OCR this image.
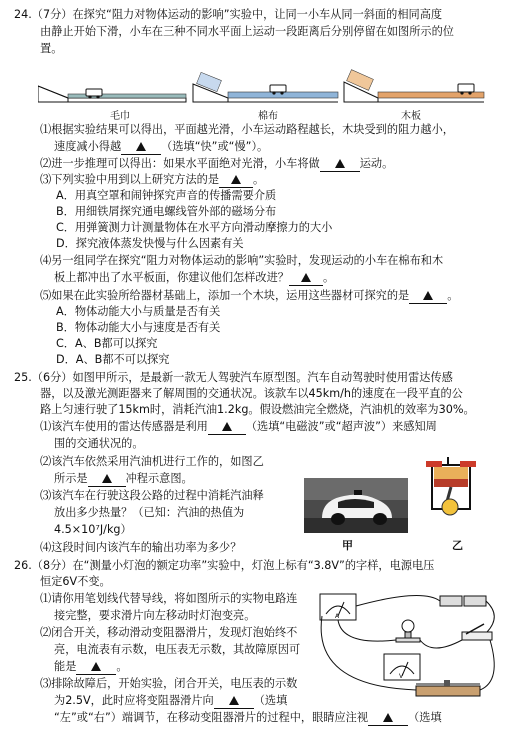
24.（7分）在探究“阻力对物体运动的影响”实验中，让同一小车从同一斜面的相同高度
由静止开始下滑，小车在三种不同水平面上运动一段距离后分别停留在如图所示的位
置。
毛巾	棉布	木板
⑴根据实验结果可以得出，平面越光滑，小车运动路程越长，木块受到的阻力越小，
速度减小得越	（选填“快”或“慢”）。
⑵进一步推理可以得出：如果水平面绝对光滑，小车将做	运动。
⑶下列实验中用到以上研究方法的是	。
A．用真空罩和闹钟探究声音的传播需要介质
B．用细铁屑探究通电螺线管外部的磁场分布
C．用弹簧测力计测量物体在水平方向滑动摩擦力的大小
D．探究液体蒸发快慢与什么因素有关
⑷另一组同学在探究“阻力对物体运动的影响”实验时，发现运动的小车在棉布和木
板上都冲出了水平板面，你建议他们怎样改进？	。
⑸如果在此实验所给器材基础上，添加一个木块，运用这些器材可探究的是	。
A．物体动能大小与质量是否有关
B．物体动能大小与速度是否有关
C．A、B都可以探究
D．A、B都不可以探究
25.（6分）如图甲所示，是最新一款无人驾驶汽车原型图。汽车自动驾驶时使用雷达传感
器，以及激光测距器来了解周围的交通状况。该款车以45km/h的速度在一段平直的公
路上匀速行驶了15km时，消耗汽油1.2kg。假设燃油完全燃烧，汽油机的效率为30%。
⑴该汽车使用的雷达传感器是利用	（选填“电磁波”或“超声波”）来感知周
围的交通状况的。
⑵该汽车依然采用汽油机进行工作的，如图乙
所示是	冲程示意图。
⑶该汽车在行驶这段公路的过程中消耗汽油释
放出多少热量？（已知：汽油的热值为
4.5×10⁷J/kg）
⑷这段时间内该汽车的输出功率为多少？	甲	乙
26.（8分）在“测量小灯泡的额定功率”实验中，灯泡上标有“3.8V”的字样，电源电压
恒定6V不变。
⑴请你用笔划线代替导线，将如图所示的实物电路连
接完整，要求滑片向左移动时灯泡变亮。
⑵闭合开关，移动滑动变阻器滑片，发现灯泡始终不
亮，电流表有示数，电压表无示数，其故障原因可
能是	。
⑶排除故障后，开始实验，闭合开关，电压表的示数
为2.5V，此时应将变阻器滑片向	（选填
“左”或“右”）端调节，在移动变阻器滑片的过程中，眼睛应注视	（选填
A
V
